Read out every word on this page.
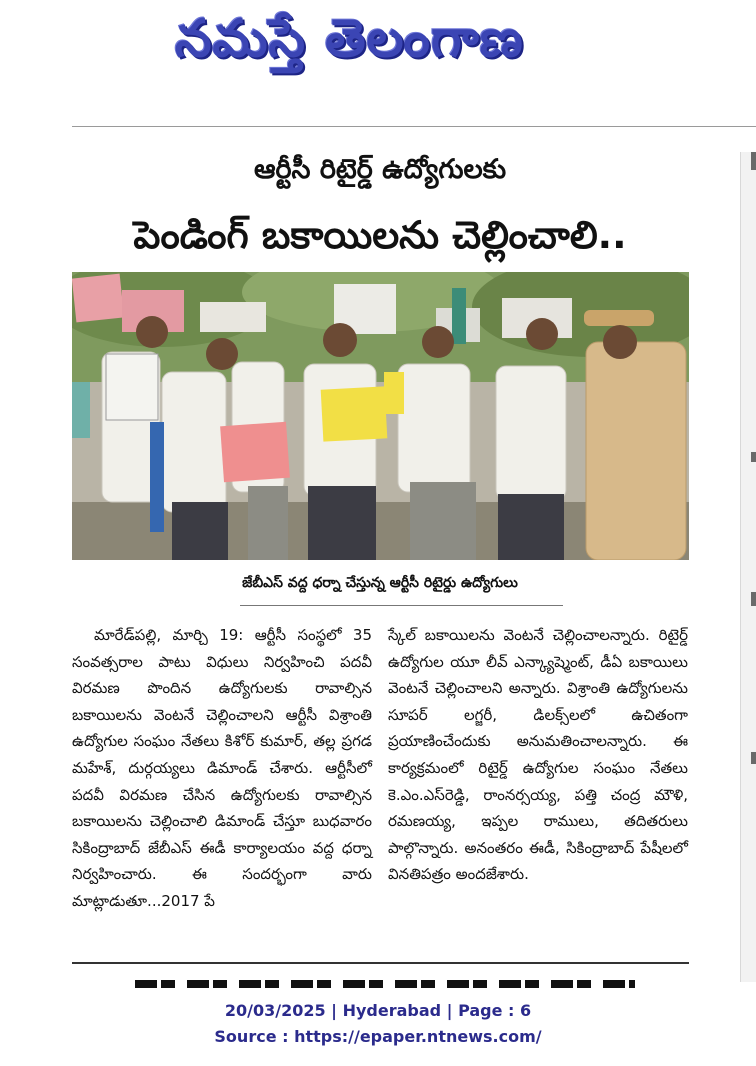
నమస్తే తెలంగాణ
ఆర్టీసీ రిటైర్డ్ ఉద్యోగులకు
పెండింగ్ బకాయిలను చెల్లించాలి..
జేబీఎస్ వద్ద ధర్నా చేస్తున్న ఆర్టీసీ రిటైర్డు ఉద్యోగులు

మారేడ్‌పల్లి, మార్చి 19: ఆర్టీసీ సంస్థలో 35 సంవత్సరాల పాటు విధులు నిర్వహించి పదవీ విరమణ పొందిన ఉద్యోగులకు రావాల్సిన బకాయిలను వెంటనే చెల్లించాలని ఆర్టీసీ విశ్రాంతి ఉద్యోగుల సంఘం నేతలు కిశోర్ కుమార్, తల్ల ప్రగడ మహేశ్, దుర్గయ్యలు డిమాండ్ చేశారు. ఆర్టీసీలో పదవీ విరమణ చేసిన ఉద్యోగులకు రావాల్సిన బకాయిలను చెల్లించాలి డిమాండ్ చేస్తూ బుధవారం సికింద్రాబాద్ జేబీఎస్ ఈడీ కార్యాలయం వద్ద ధర్నా నిర్వహించారు. ఈ సందర్భంగా వారు మాట్లాడుతూ...2017 పే

స్కేల్ బకాయిలను వెంటనే చెల్లించాలన్నారు. రిటైర్డ్ ఉద్యోగుల యూ లీవ్ ఎన్క్యాష్మెంట్, డీఏ బకాయిలు వెంటనే చెల్లించాలని అన్నారు. విశ్రాంతి ఉద్యోగులను సూపర్ లగ్జరీ, డిలక్స్‌లలో ఉచితంగా ప్రయాణించేందుకు అనుమతించాలన్నారు. ఈ కార్యక్రమంలో రిటైర్డ్ ఉద్యోగుల సంఘం నేతలు కె.ఎం.ఎస్‌రెడ్డి, రాంనర్సయ్య, పత్తి చంద్ర మౌళి, రమణయ్య, ఇప్పల రాములు, తదితరులు పాల్గొన్నారు. అనంతరం ఈడీ, సికింద్రాబాద్ పేషీలలో వినతిపత్రం అందజేశారు.

20/03/2025 | Hyderabad | Page : 6
Source : https://epaper.ntnews.com/
